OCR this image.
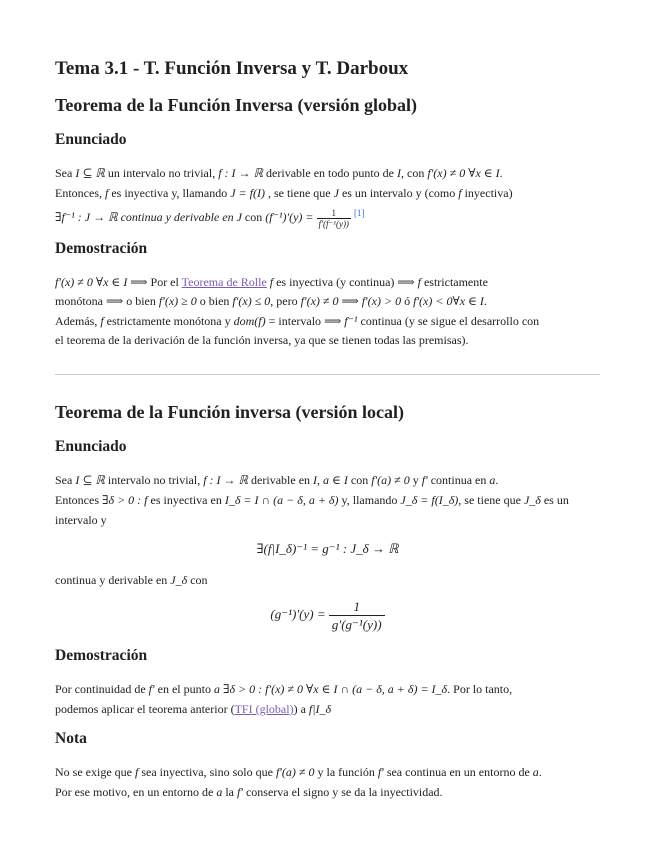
Tema 3.1 - T. Función Inversa y T. Darboux
Teorema de la Función Inversa (versión global)
Enunciado

Sea I ⊆ ℝ un intervalo no trivial, f : I → ℝ derivable en todo punto de I, con f′(x) ≠ 0 ∀x ∈ I.

Entonces, f es inyectiva y, llamando J = f(I) , se tiene que J es un intervalo y (como f inyectiva)

∃f⁻¹ : J → ℝ continua y derivable en J con $(f^{-1})'(y) = \frac{1}{\text{f′(f⁻¹(y))}} [1]$

Demostración

f′(x) ≠ 0 ∀x ∈ I ⟹ Por el Teorema de Rolle f es inyectiva (y continua) ⟹ f estrictamente

monótona ⟹ o bien f′(x) ≥ 0 o bien f′(x) ≤ 0, pero f′(x) ≠ 0 ⟹ f′(x) > 0 ó f′(x) < 0∀x ∈ I.

Además, f estrictamente monótona y dom(f) = intervalo ⟹ f⁻¹ continua (y se sigue el desarrollo con

el teorema de la derivación de la función inversa, ya que se tienen todas las premisas).

Teorema de la Función inversa (versión local)
Enunciado

Sea I ⊆ ℝ intervalo no trivial, f : I → ℝ derivable en I, a ∈ I con f′(a) ≠ 0 y f′ continua en a.

Entonces ∃δ > 0 : f es inyectiva en I_δ = I ∩ (a − δ, a + δ) y, llamando J_δ = f(I_δ), se tiene que J_δ es un

intervalo y

∃(f|I_δ)⁻¹ = g⁻¹ : J_δ → ℝ

continua y derivable en J_δ con

$(g^{-1})'(y) = \frac{1}{\text{g′(g⁻¹(y))}}$

Demostración

Por continuidad de f′ en el punto a ∃δ > 0 : f′(x) ≠ 0 ∀x ∈ I ∩ (a − δ, a + δ) = I_δ. Por lo tanto,

podemos aplicar el teorema anterior (TFI (global)) a f|I_δ

Nota

No se exige que f sea inyectiva, sino solo que f′(a) ≠ 0 y la función f′ sea continua en un entorno de a.

Por ese motivo, en un entorno de a la f′ conserva el signo y se da la inyectividad.
